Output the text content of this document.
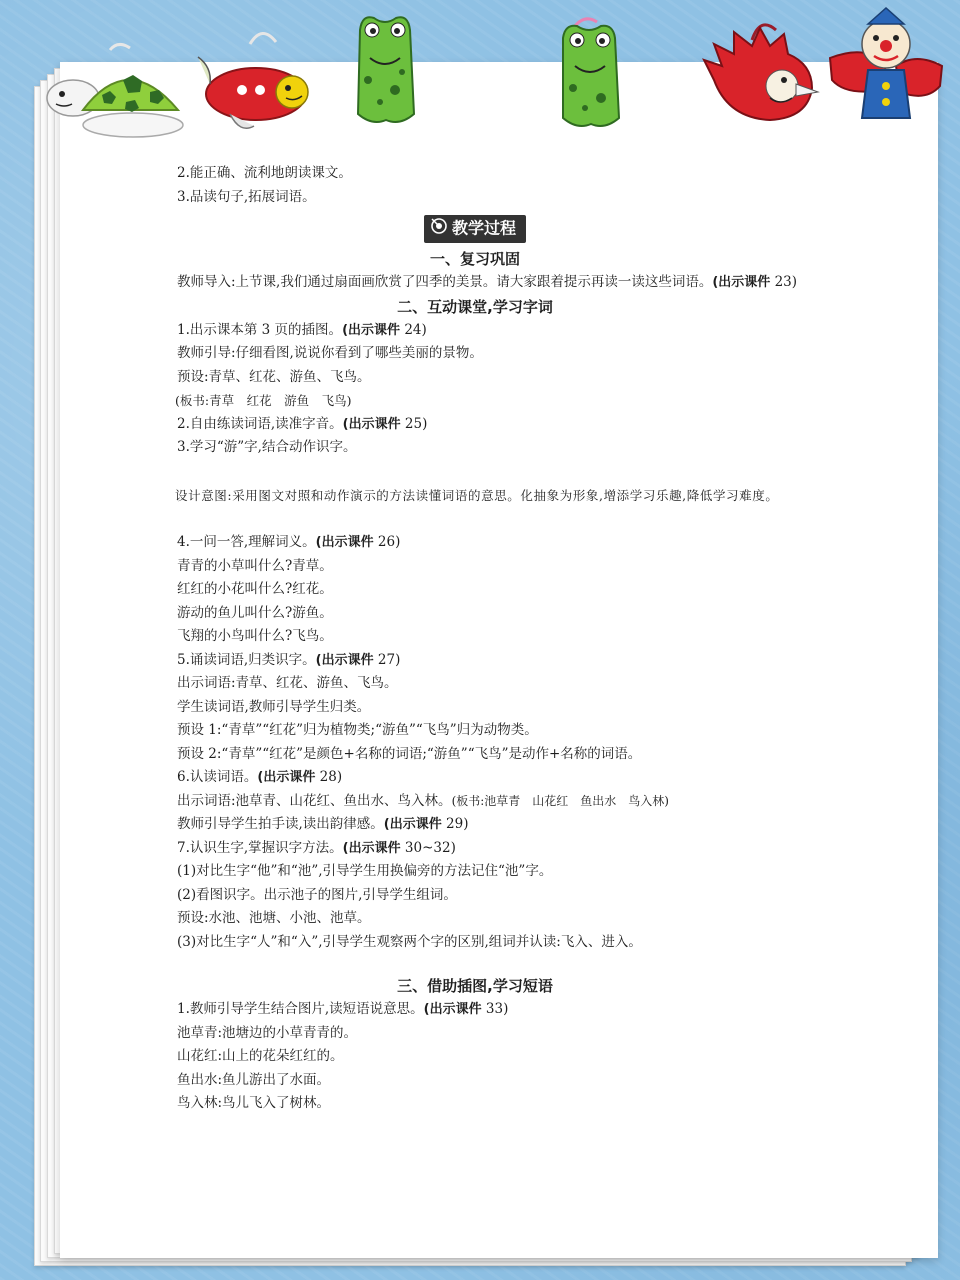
2.能正确、流利地朗读课文。

3.品读句子,拓展词语。

教学过程
一、复习巩固

教师导入:上节课,我们通过扇面画欣赏了四季的美景。请大家跟着提示再读一读这些词语。(出示课件 23)

二、互动课堂,学习字词

1.出示课本第 3 页的插图。(出示课件 24)

教师引导:仔细看图,说说你看到了哪些美丽的景物。

预设:青草、红花、游鱼、飞鸟。

(板书:青草　红花　游鱼　飞鸟)

2.自由练读词语,读准字音。(出示课件 25)

3.学习“游”字,结合动作识字。

设计意图:采用图文对照和动作演示的方法读懂词语的意思。化抽象为形象,增添学习乐趣,降低学习难度。

4.一问一答,理解词义。(出示课件 26)

青青的小草叫什么?青草。

红红的小花叫什么?红花。

游动的鱼儿叫什么?游鱼。

飞翔的小鸟叫什么?飞鸟。

5.诵读词语,归类识字。(出示课件 27)

出示词语:青草、红花、游鱼、飞鸟。

学生读词语,教师引导学生归类。

预设 1:“青草”“红花”归为植物类;“游鱼”“飞鸟”归为动物类。

预设 2:“青草”“红花”是颜色+名称的词语;“游鱼”“飞鸟”是动作+名称的词语。

6.认读词语。(出示课件 28)

出示词语:池草青、山花红、鱼出水、鸟入林。(板书:池草青　山花红　鱼出水　鸟入林)

教师引导学生拍手读,读出韵律感。(出示课件 29)

7.认识生字,掌握识字方法。(出示课件 30~32)

(1)对比生字“他”和“池”,引导学生用换偏旁的方法记住“池”字。

(2)看图识字。出示池子的图片,引导学生组词。

预设:水池、池塘、小池、池草。

(3)对比生字“人”和“入”,引导学生观察两个字的区别,组词并认读:飞入、进入。

三、借助插图,学习短语

1.教师引导学生结合图片,读短语说意思。(出示课件 33)

池草青:池塘边的小草青青的。

山花红:山上的花朵红红的。

鱼出水:鱼儿游出了水面。

鸟入林:鸟儿飞入了树林。
